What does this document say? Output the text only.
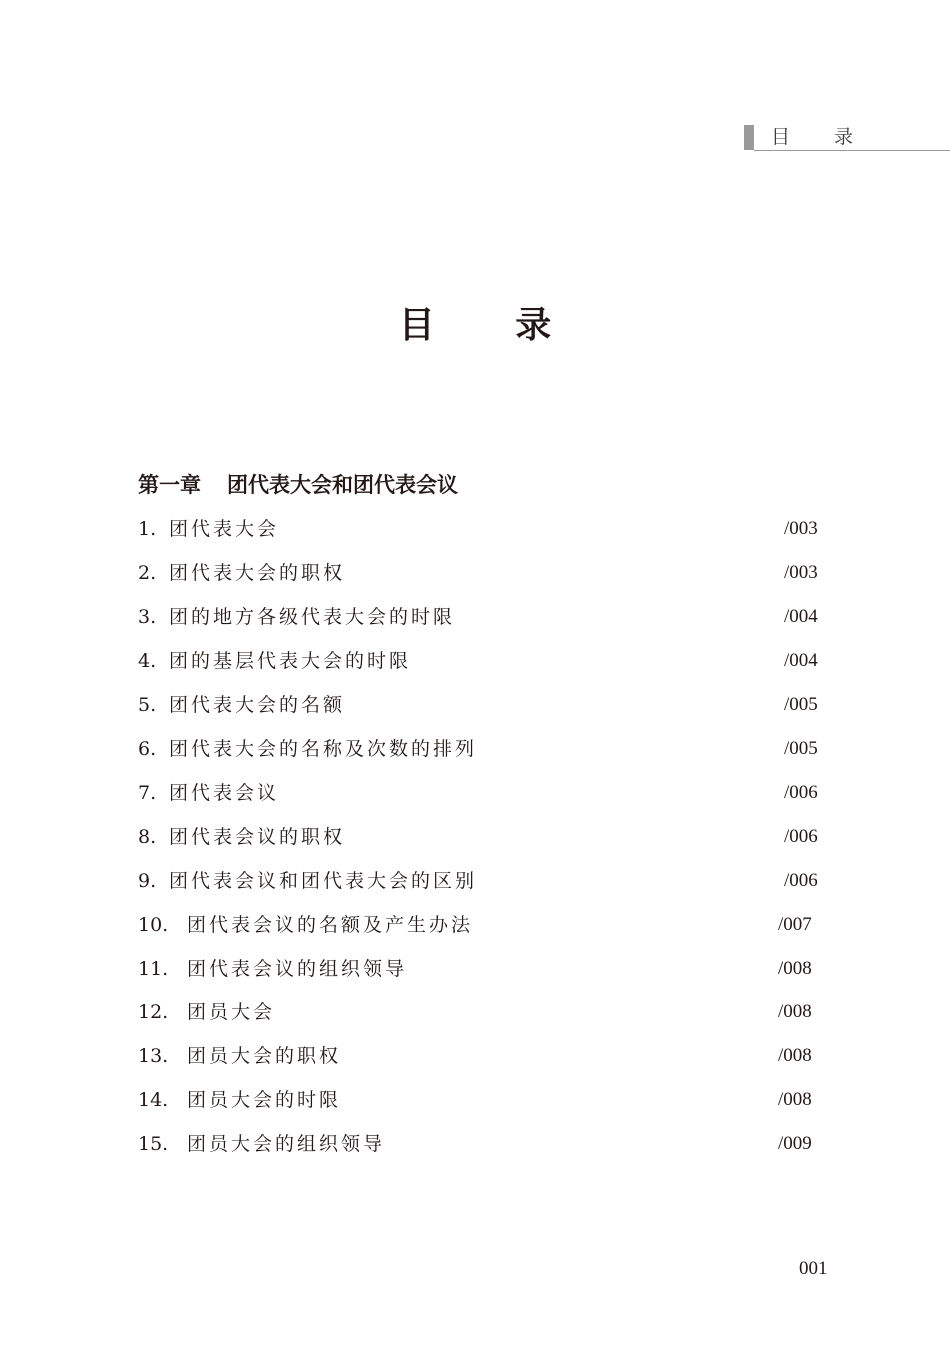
目 录
目 录
第一章 团代表大会和团代表会议
1. 团代表大会	/003
2. 团代表大会的职权	/003
3. 团的地方各级代表大会的时限	/004
4. 团的基层代表大会的时限	/004
5. 团代表大会的名额	/005
6. 团代表大会的名称及次数的排列	/005
7. 团代表会议	/006
8. 团代表会议的职权	/006
9. 团代表会议和团代表大会的区别	/006
10. 团代表会议的名额及产生办法	/007
11. 团代表会议的组织领导	/008
12. 团员大会	/008
13. 团员大会的职权	/008
14. 团员大会的时限	/008
15. 团员大会的组织领导	/009
001
